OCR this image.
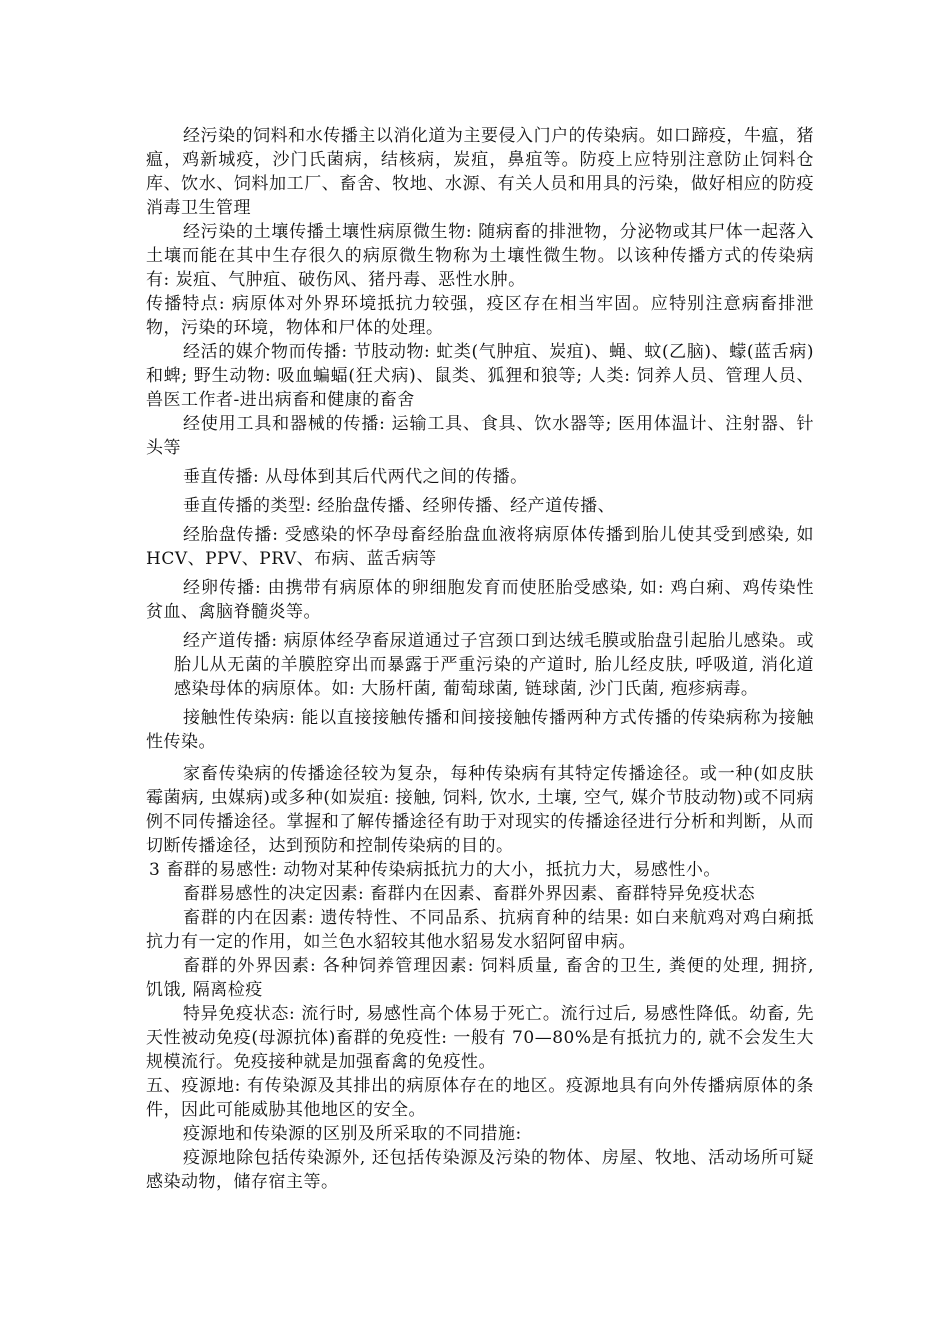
经污染的饲料和水传播主以消化道为主要侵入门户的传染病。如口蹄疫，牛瘟，猪瘟，鸡新城疫，沙门氏菌病，结核病，炭疽，鼻疽等。防疫上应特别注意防止饲料仓库、饮水、饲料加工厂、畜舍、牧地、水源、有关人员和用具的污染，做好相应的防疫消毒卫生管理

经污染的土壤传播土壤性病原微生物: 随病畜的排泄物，分泌物或其尸体一起落入土壤而能在其中生存很久的病原微生物称为土壤性微生物。以该种传播方式的传染病有: 炭疽、气肿疽、破伤风、猪丹毒、恶性水肿。

传播特点: 病原体对外界环境抵抗力较强，疫区存在相当牢固。应特别注意病畜排泄物，污染的环境，物体和尸体的处理。

经活的媒介物而传播: 节肢动物: 虻类(气肿疽、炭疽)、蝇、蚊(乙脑)、蠓(蓝舌病)和蜱; 野生动物: 吸血蝙蝠(狂犬病)、鼠类、狐狸和狼等; 人类: 饲养人员、管理人员、兽医工作者-进出病畜和健康的畜舍

经使用工具和器械的传播: 运输工具、食具、饮水器等; 医用体温计、注射器、针头等

垂直传播: 从母体到其后代两代之间的传播。

垂直传播的类型: 经胎盘传播、经卵传播、经产道传播、

经胎盘传播: 受感染的怀孕母畜经胎盘血液将病原体传播到胎儿使其受到感染, 如HCV、PPV、PRV、布病、蓝舌病等

经卵传播: 由携带有病原体的卵细胞发育而使胚胎受感染, 如: 鸡白痢、鸡传染性贫血、禽脑脊髓炎等。

经产道传播: 病原体经孕畜尿道通过子宫颈口到达绒毛膜或胎盘引起胎儿感染。或胎儿从无菌的羊膜腔穿出而暴露于严重污染的产道时, 胎儿经皮肤, 呼吸道, 消化道感染母体的病原体。如: 大肠杆菌, 葡萄球菌, 链球菌, 沙门氏菌, 疱疹病毒。

接触性传染病: 能以直接接触传播和间接接触传播两种方式传播的传染病称为接触性传染。

家畜传染病的传播途径较为复杂，每种传染病有其特定传播途径。或一种(如皮肤霉菌病, 虫媒病)或多种(如炭疽: 接触, 饲料, 饮水, 土壤, 空气, 媒介节肢动物)或不同病例不同传播途径。掌握和了解传播途径有助于对现实的传播途径进行分析和判断，从而切断传播途径，达到预防和控制传染病的目的。

3 畜群的易感性: 动物对某种传染病抵抗力的大小，抵抗力大，易感性小。

畜群易感性的决定因素: 畜群内在因素、畜群外界因素、畜群特异免疫状态

畜群的内在因素: 遗传特性、不同品系、抗病育种的结果: 如白来航鸡对鸡白痢抵抗力有一定的作用，如兰色水貂较其他水貂易发水貂阿留申病。

畜群的外界因素: 各种饲养管理因素: 饲料质量, 畜舍的卫生, 粪便的处理, 拥挤, 饥饿, 隔离检疫

特异免疫状态: 流行时, 易感性高个体易于死亡。流行过后, 易感性降低。幼畜, 先天性被动免疫(母源抗体)畜群的免疫性: 一般有 70—80%是有抵抗力的, 就不会发生大规模流行。免疫接种就是加强畜禽的免疫性。

五、疫源地: 有传染源及其排出的病原体存在的地区。疫源地具有向外传播病原体的条件，因此可能威胁其他地区的安全。

疫源地和传染源的区别及所采取的不同措施:

疫源地除包括传染源外, 还包括传染源及污染的物体、房屋、牧地、活动场所可疑感染动物，储存宿主等。
